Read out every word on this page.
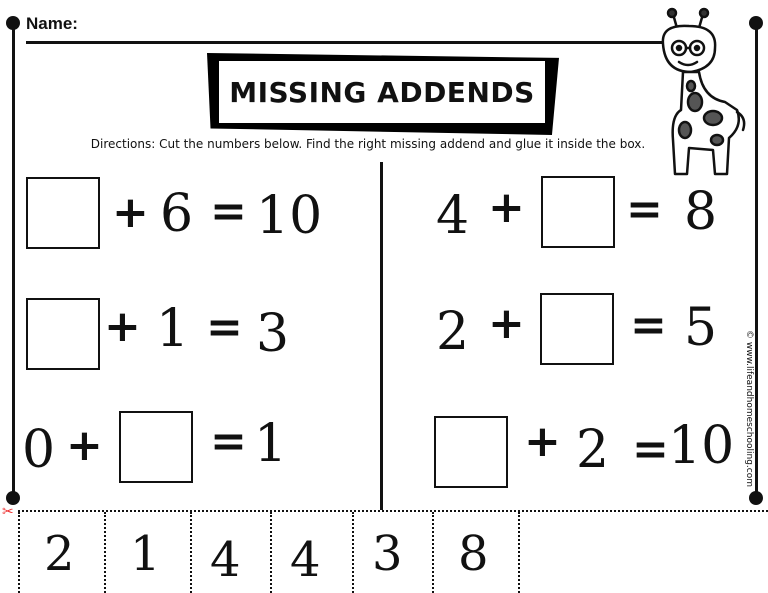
Name:
MISSING ADDENDS
Directions: Cut the numbers below. Find the right missing addend and glue it inside the box.
+ 6 = 10
+ 1 = 3
0 + = 1
4 + = 8
2 + = 5
+ 2 = 10 © www.lifeandhomeschooling.com
✂
2 1 4 4 3 8
